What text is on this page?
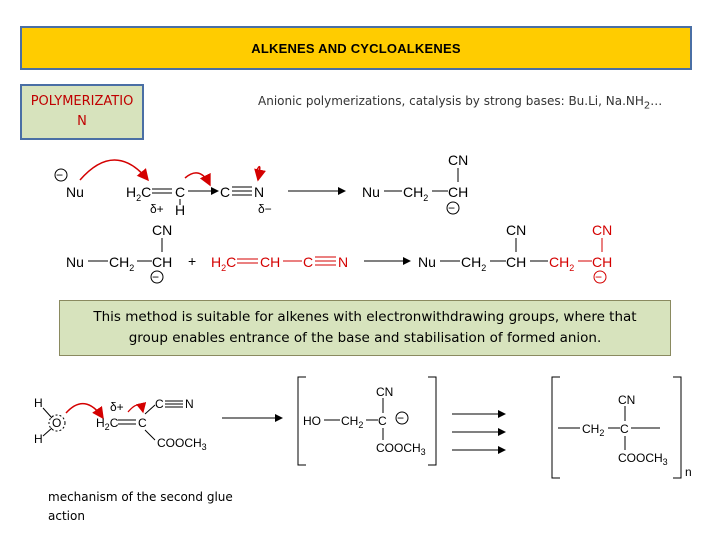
ALKENES AND CYCLOALKENES
POLYMERIZATION
Anionic polymerizations, catalysis by strong bases: Bu.Li, $Na.NH_2\dots$
This method is suitable for alkenes with electronwithdrawing groups, where that group enables entrance of the base and stabilisation of formed anion.
mechanism of the second glue action
−
Nu	$H_2C$ C
H
δ+
C N
δ−
Nu $CH_2$ CH
CN
−
Nu $CH_2$ CH
CN
−
+ $H_2C$ CH C N	Nu $CH_2$ CH
CN
$CH_2$ CH
CN
−
H
H
O
δ+
$H_2C$ C
C N
$COOCH_3$
HO $CH_2$ C
CN
$COOCH_3$
−
$CH_2$ C
CN
$COOCH_3$
n
